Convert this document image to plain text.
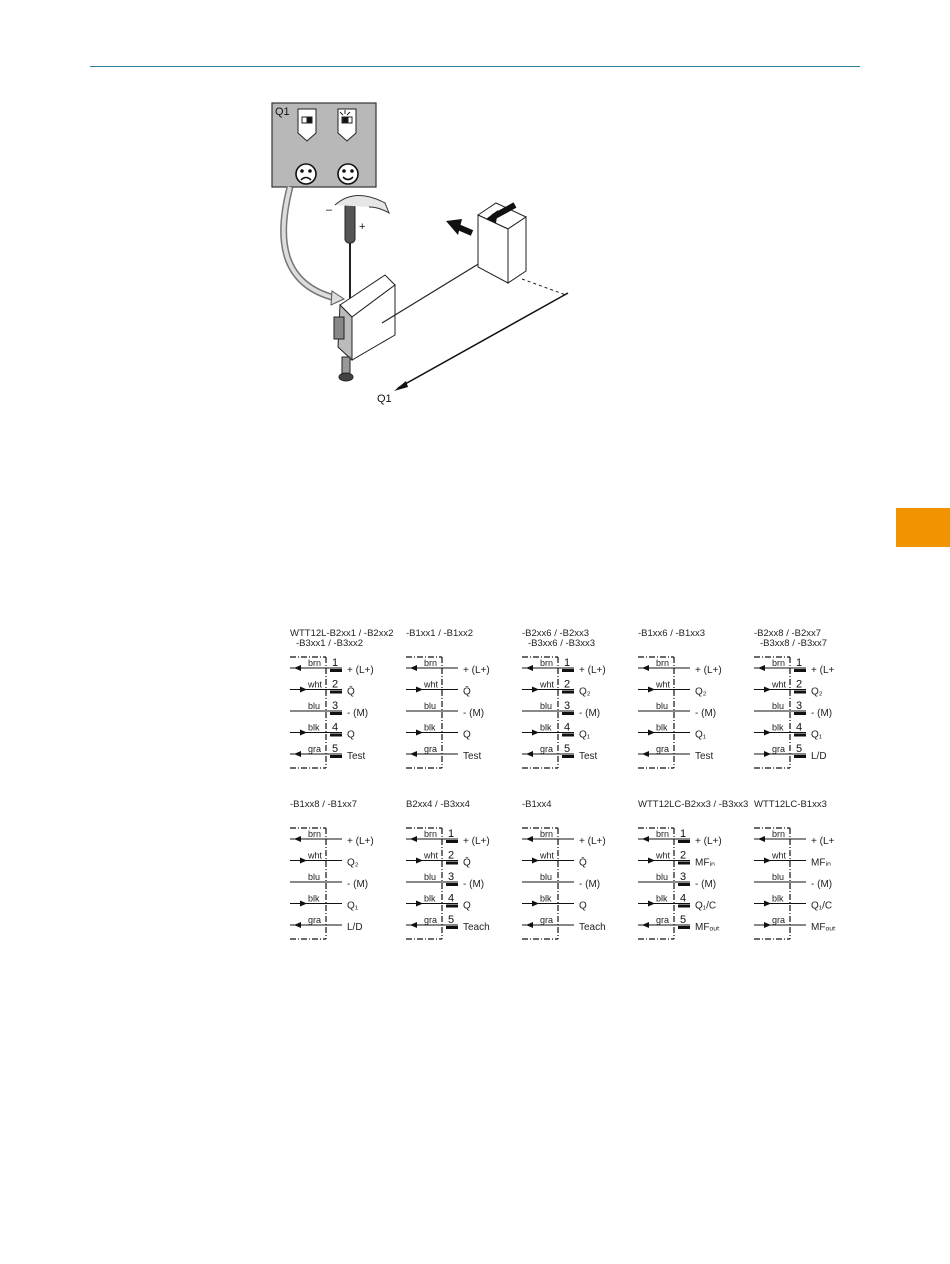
Q1
–
+
Q1
WTT12L-B2xx1 / -B2xx2
-B3xx1 / -B3xx2
brn 1
+ (L+)
wht 2
Q̄
blu 3
- (M)
blk 4
Q
gra 5
Test
-B1xx1 / -B1xx2
brn
+ (L+)
wht
Q̄
blu
- (M)
blk
Q
gra
Test
-B2xx6 / -B2xx3
-B3xx6 / -B3xx3
brn 1
+ (L+)
wht 2
Q₂
blu 3
- (M)
blk 4
Q₁
gra 5
Test
-B1xx6 / -B1xx3
brn
+ (L+)
wht
Q₂
blu
- (M)
blk
Q₁
gra
Test
-B2xx8 / -B2xx7
-B3xx8 / -B3xx7
brn 1
+ (L+
wht 2
Q₂
blu 3
- (M)
blk 4
Q₁
gra 5
L/D
-B1xx8 / -B1xx7
brn
+ (L+)
wht
Q₂
blu
- (M)
blk
Q₁
gra
L/D
B2xx4 / -B3xx4
brn 1
+ (L+)
wht 2
Q̄
blu 3
- (M)
blk 4
Q
gra 5
Teach
-B1xx4
brn
+ (L+)
wht
Q̄
blu
- (M)
blk
Q
gra
Teach
WTT12LC-B2xx3 / -B3xx3
brn 1
+ (L+)
wht 2
MFᵢₙ
blu 3
- (M)
blk 4
Q₁/C
gra 5
MFₒᵤₜ
WTT12LC-B1xx3
brn
+ (L+
wht
MFᵢₙ
blu
- (M)
blk
Q₁/C
gra
MFₒᵤₜ
